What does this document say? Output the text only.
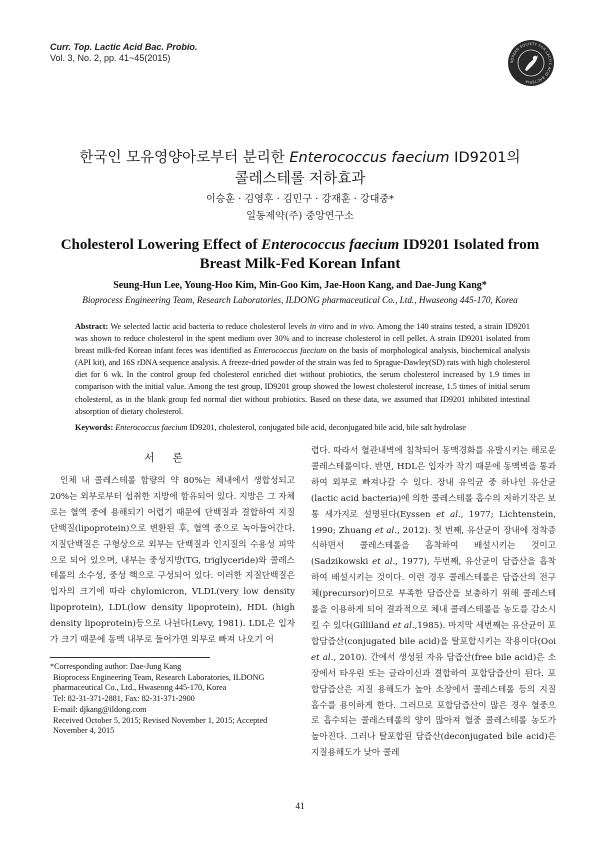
Curr. Top. Lactic Acid Bac. Probio.
Vol. 3, No. 2, pp. 41~45(2015)	KOREAN SOCIETY FOR LACTIC ACID BACTERIA
한국인 모유영양아로부터 분리한 Enterococcus faecium ID9201의
콜레스테롤 저하효과
이승훈 · 김영후 · 김민구 · 강재훈 · 강대중*
일동제약(주) 중앙연구소
Cholesterol Lowering Effect of Enterococcus faecium ID9201 Isolated from
Breast Milk-Fed Korean Infant
Seung-Hun Lee, Young-Hoo Kim, Min-Goo Kim, Jae-Hoon Kang, and Dae-Jung Kang*
Bioprocess Engineering Team, Research Laboratories, ILDONG pharmaceutical Co., Ltd., Hwaseong 445-170, Korea
Abstract: We selected lactic acid bacteria to reduce cholesterol levels in vitro and in vivo. Among the 140 strains tested, a strain ID9201 was shown to reduce cholesterol in the spent medium over 30% and to increase cholesterol in cell pellet. A strain ID9201 isolated from breast milk-fed Korean infant feces was identified as Enterococcus faecium on the basis of morphological analysis, biochemical analysis (API kit), and 16S rDNA sequence analysis. A freeze-dried powder of the strain was fed to Sprague-Dawley(SD) rats with high cholesterol diet for 6 wk. In the control group fed cholesterol enriched diet without probiotics, the serum cholesterol increased by 1.9 times in comparison with the initial value. Among the test group, ID9201 group showed the lowest cholesterol increase, 1.5 times of initial serum cholesterol, as in the blank group fed normal diet without probiotics. Based on these data, we assumed that ID9201 inhibited intestinal absorption of dietary cholesterol.
Keywords: Enterococcus faecium ID9201, cholesterol, conjugated bile acid, deconjugated bile acid, bile salt hydrolase
서론
인체 내 콜레스테롤 함량의 약 80%는 체내에서 생합성되고 20%는 외부로부터 섭취한 지방에 함유되어 있다. 지방은 그 자체로는 혈액 중에 용해되기 어렵기 때문에 단백질과 결합하여 지질단백질(lipoprotein)으로 변환된 후, 혈액 중으로 녹아들어간다. 지질단백질은 구형상으로 외부는 단백질과 인지질의 수용성 피막으로 되어 있으며, 내부는 중성지방(TG, triglyceride)와 콜레스테롤의 소수성, 중성 핵으로 구성되어 있다. 이러한 지질단백질은 입자의 크기에 따라 chylomicron, VLDL(very low density lipoprotein), LDL(low density lipoprotein), HDL (high density lipoprotein)등으로 나뉜다(Levy, 1981). LDL은 입자가 크기 때문에 동맥 내부로 들어가면 외부로 빠져 나오기 어
렵다. 따라서 혈관내벽에 침착되어 동맥경화를 유발시키는 해로운 콜레스테롤이다. 반면, HDL은 입자가 작기 때문에 동맥벽을 통과하여 외부로 빠져나갈 수 있다. 장내 유익균 중 하나인 유산균(lactic acid bacteria)에 의한 콜레스테롤 흡수의 저하기작은 보통 세가지로 설명된다(Eyssen et al., 1977; Lichtenstein, 1990; Zhuang et al., 2012). 첫 번째, 유산균이 장내에 정착증식하면서 콜레스테롤을 흡착하여 배설시키는 것이고(Sadzikowski et al., 1977), 두번째, 유산균이 담즙산을 흡착하여 배설시키는 것이다. 이런 경우 콜레스테롤은 담즙산의 전구체(precursor)이므로 부족한 담즙산을 보충하기 위해 콜레스테롤을 이용하게 되어 결과적으로 체내 콜레스테롤을 농도를 감소시킬 수 있다(Gilliland et al.,1985). 마지막 세번째는 유산균이 포합담즙산(conjugated bile acid)을 탈포합시키는 작용이다(Ooi et al., 2010). 간에서 생성된 자유 담즙산(free bile acid)은 소장에서 타우린 또는 글라이신과 결합하여 포합담즙산이 된다. 포합담즙산은 지질 용해도가 높아 소장에서 콜레스테롤 등의 지질 흡수를 용이하게 한다. 그러므로 포합담즙산이 많은 경우 혈중으로 흡수되는 콜레스테롤의 양이 많아져 혈중 콜레스테롤 농도가 높아진다. 그러나 탈포합된 담즙산(deconjugated bile acid)은 지질용해도가 낮아 콜레
*Corresponding author: Dae-Jung Kang
Bioprocess Engineering Team, Research Laboratories, ILDONG pharmaceutical Co., Ltd., Hwaseong 445-170, Korea
Tel: 82-31-371-2881, Fax: 82-31-371-2900
E-mail: djkang@ildong.com
Received October 5, 2015; Revised November 1, 2015; Accepted November 4, 2015
41
